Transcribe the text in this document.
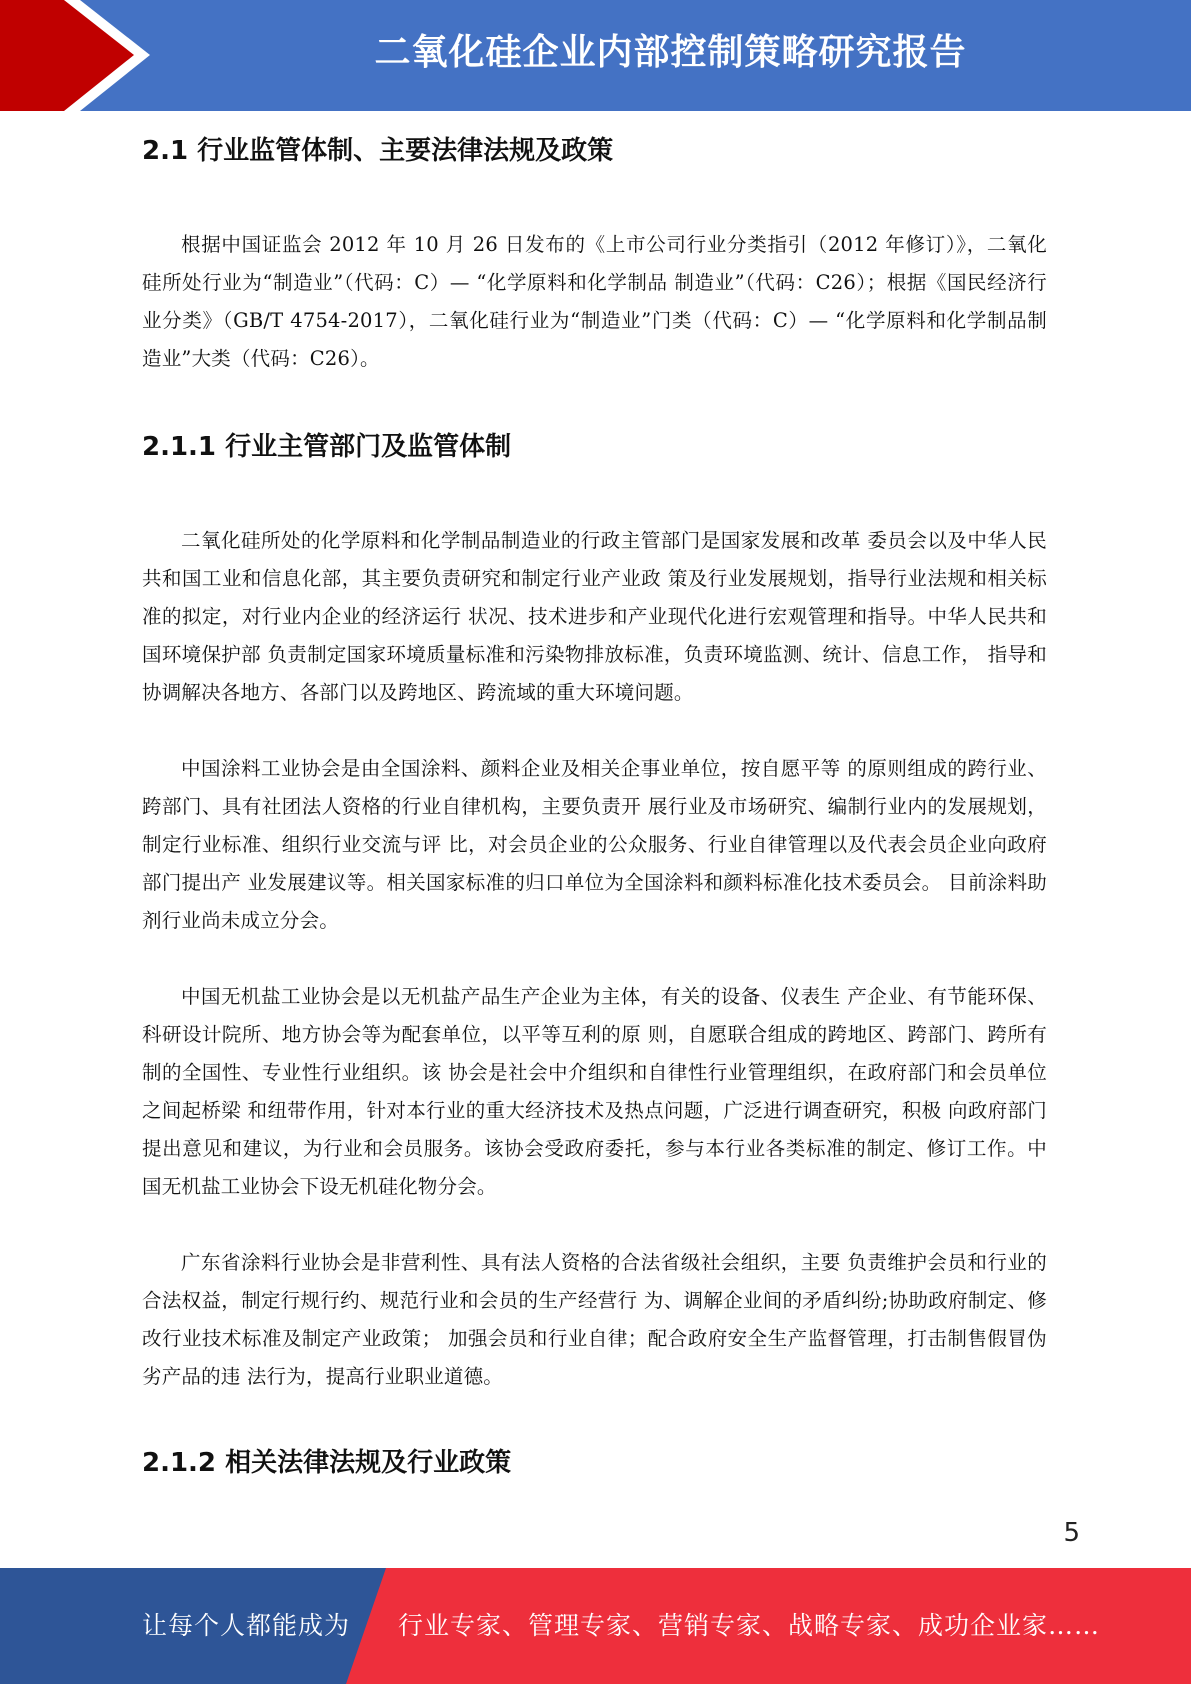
二氧化硅企业内部控制策略研究报告
2.1 行业监管体制、主要法律法规及政策

根据中国证监会 2012 年 10 月 26 日发布的《上市公司行业分类指引（2012 年修订）》，二氧化硅所处行业为“制造业”（代码：C）— “化学原料和化学制品 制造业”（代码：C26）；根据《国民经济行业分类》（GB/T 4754-2017），二氧化硅行业为“制造业”门类（代码：C）— “化学原料和化学制品制造业”大类（代码：C26）。

2.1.1 行业主管部门及监管体制

二氧化硅所处的化学原料和化学制品制造业的行政主管部门是国家发展和改革 委员会以及中华人民共和国工业和信息化部，其主要负责研究和制定行业产业政 策及行业发展规划，指导行业法规和相关标准的拟定，对行业内企业的经济运行 状况、技术进步和产业现代化进行宏观管理和指导。中华人民共和国环境保护部 负责制定国家环境质量标准和污染物排放标准，负责环境监测、统计、信息工作， 指导和协调解决各地方、各部门以及跨地区、跨流域的重大环境问题。

中国涂料工业协会是由全国涂料、颜料企业及相关企事业单位，按自愿平等 的原则组成的跨行业、跨部门、具有社团法人资格的行业自律机构，主要负责开 展行业及市场研究、编制行业内的发展规划，制定行业标准、组织行业交流与评 比，对会员企业的公众服务、行业自律管理以及代表会员企业向政府部门提出产 业发展建议等。相关国家标准的归口单位为全国涂料和颜料标准化技术委员会。 目前涂料助剂行业尚未成立分会。

中国无机盐工业协会是以无机盐产品生产企业为主体，有关的设备、仪表生 产企业、有节能环保、科研设计院所、地方协会等为配套单位，以平等互利的原 则，自愿联合组成的跨地区、跨部门、跨所有制的全国性、专业性行业组织。该 协会是社会中介组织和自律性行业管理组织，在政府部门和会员单位之间起桥梁 和纽带作用，针对本行业的重大经济技术及热点问题，广泛进行调查研究，积极 向政府部门提出意见和建议，为行业和会员服务。该协会受政府委托，参与本行业各类标准的制定、修订工作。中国无机盐工业协会下设无机硅化物分会。

广东省涂料行业协会是非营利性、具有法人资格的合法省级社会组织，主要 负责维护会员和行业的合法权益，制定行规行约、规范行业和会员的生产经营行 为、调解企业间的矛盾纠纷;协助政府制定、修改行业技术标准及制定产业政策； 加强会员和行业自律；配合政府安全生产监督管理，打击制售假冒伪劣产品的违 法行为，提高行业职业道德。

2.1.2 相关法律法规及行业政策
5
让每个人都能成为 行业专家、管理专家、营销专家、战略专家、成功企业家……
